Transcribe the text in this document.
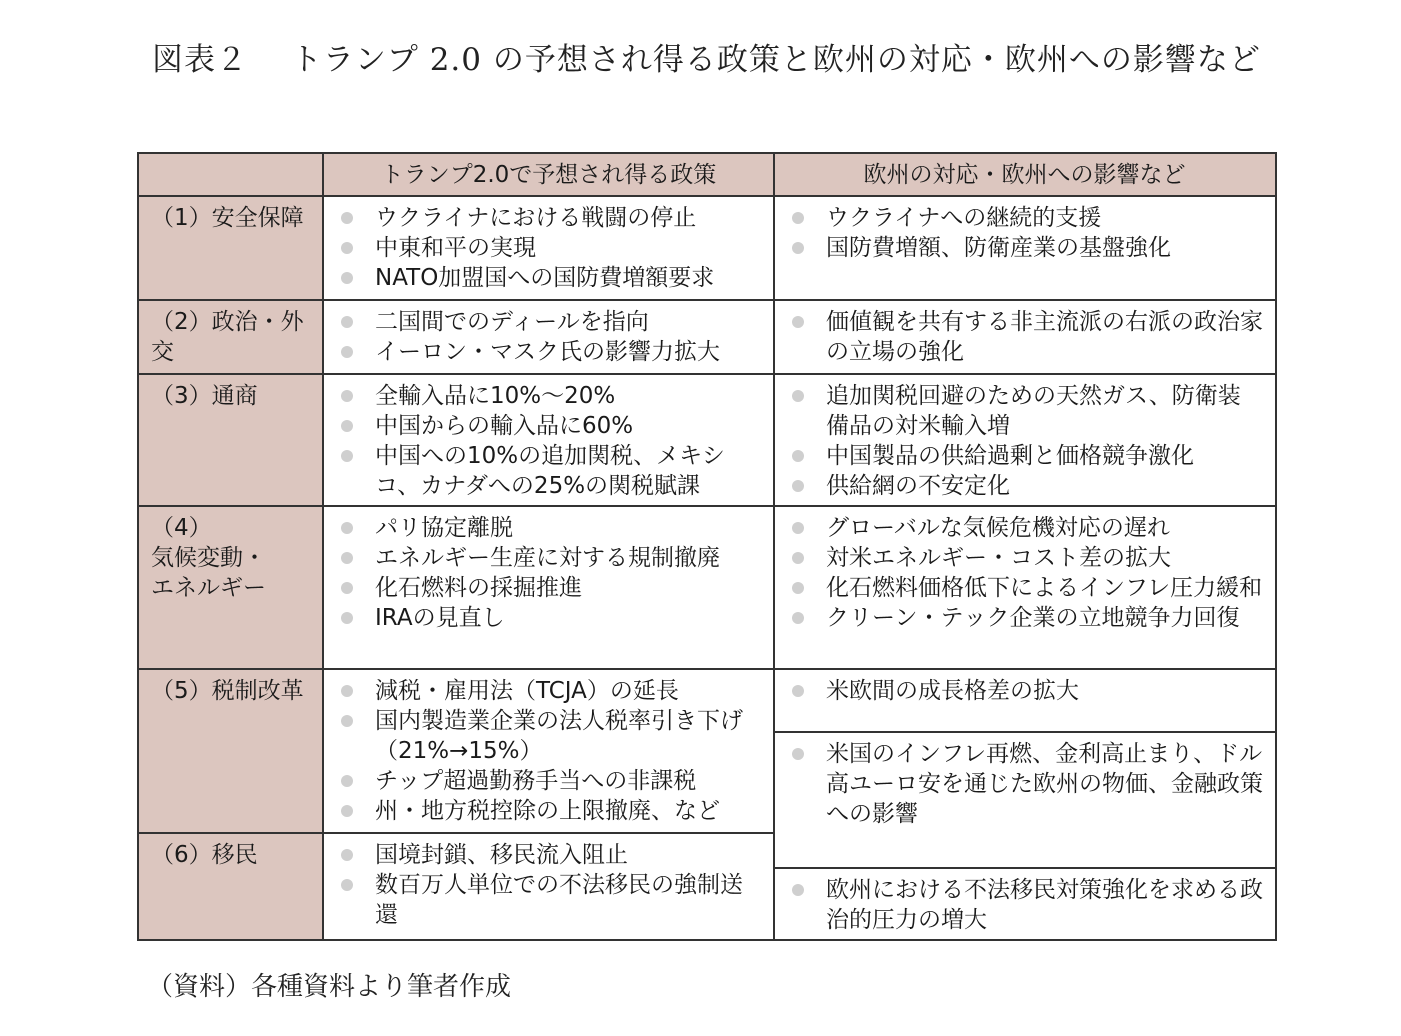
図表２　 トランプ 2.0 の予想され得る政策と欧州の対応・欧州への影響など
トランプ2.0で予想され得る政策	欧州の対応・欧州への影響など
（1）安全保障
（2）政治・外交
（3）通商
（4）
気候変動・
エネルギー
（5）税制改革
（6）移民
ウクライナにおける戦闘の停止
中東和平の実現
NATO加盟国への国防費増額要求
二国間でのディールを指向
イーロン・マスク氏の影響力拡大
全輸入品に10%～20%
中国からの輸入品に60%
中国への10%の追加関税、メキシコ、カナダへの25%の関税賦課
パリ協定離脱
エネルギー生産に対する規制撤廃
化石燃料の採掘推進
IRAの見直し
減税・雇用法（TCJA）の延長
国内製造業企業の法人税率引き下げ（21%→15%）
チップ超過勤務手当への非課税
州・地方税控除の上限撤廃、など
国境封鎖、移民流入阻止
数百万人単位での不法移民の強制送還
ウクライナへの継続的支援
国防費増額、防衛産業の基盤強化
価値観を共有する非主流派の右派の政治家の立場の強化
追加関税回避のための天然ガス、防衛装備品の対米輸入増
中国製品の供給過剰と価格競争激化
供給網の不安定化
グローバルな気候危機対応の遅れ
対米エネルギー・コスト差の拡大
化石燃料価格低下によるインフレ圧力緩和
クリーン・テック企業の立地競争力回復
米欧間の成長格差の拡大
米国のインフレ再燃、金利高止まり、ドル高ユーロ安を通じた欧州の物価、金融政策への影響
欧州における不法移民対策強化を求める政治的圧力の増大
（資料）各種資料より筆者作成
